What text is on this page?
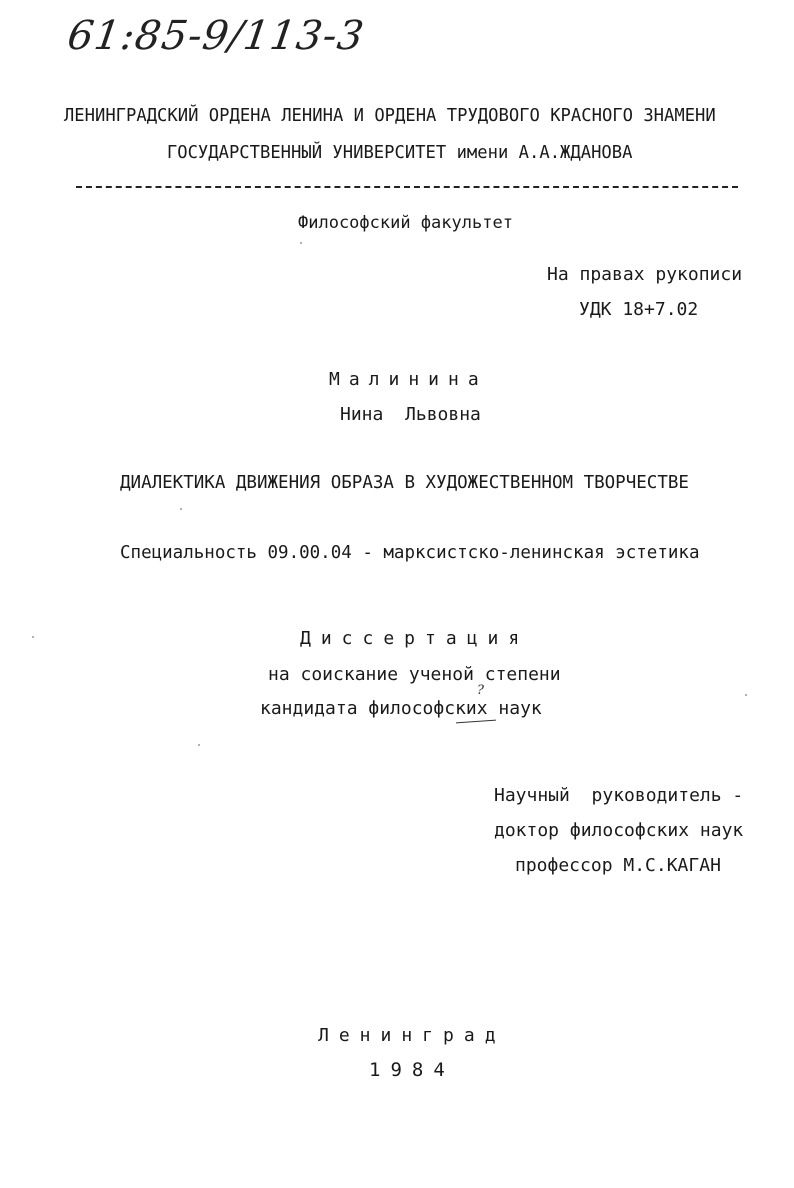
61:85-9/113-3
ЛЕНИНГРАДСКИЙ ОРДЕНА ЛЕНИНА И ОРДЕНА ТРУДОВОГО КРАСНОГО ЗНАМЕНИ
ГОСУДАРСТВЕННЫЙ УНИВЕРСИТЕТ имени А.А.ЖДАНОВА
Философский факультет
На правах рукописи
УДК 18+7.02
Малинина
Нина  Львовна
ДИАЛЕКТИКА ДВИЖЕНИЯ ОБРАЗА В ХУДОЖЕСТВЕННОМ ТВОРЧЕСТВЕ
Специальность 09.00.04 - марксистско-ленинская эстетика
Диссертация
на соискание ученой степени
кандидата философских наук
?
Научный  руководитель -
доктор философских наук
профессор М.С.КАГАН
Ленинград
1984
